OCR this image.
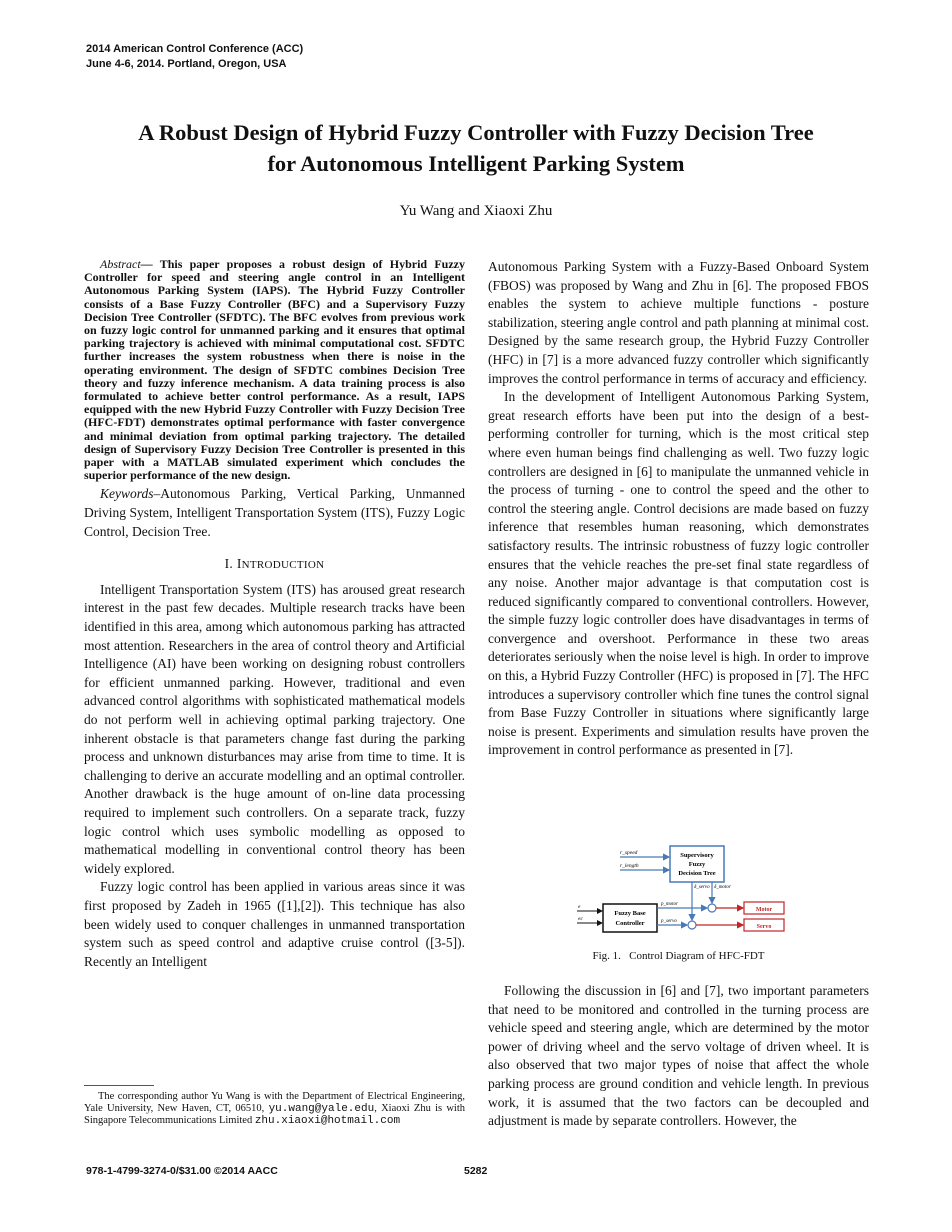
2014 American Control Conference (ACC)
June 4-6, 2014. Portland, Oregon, USA
A Robust Design of Hybrid Fuzzy Controller with Fuzzy Decision Tree
for Autonomous Intelligent Parking System
Yu Wang and Xiaoxi Zhu

Abstract— This paper proposes a robust design of Hybrid Fuzzy Controller for speed and steering angle control in an Intelligent Autonomous Parking System (IAPS). The Hybrid Fuzzy Controller consists of a Base Fuzzy Controller (BFC) and a Supervisory Fuzzy Decision Tree Controller (SFDTC). The BFC evolves from previous work on fuzzy logic control for unmanned parking and it ensures that optimal parking trajectory is achieved with minimal computational cost. SFDTC further increases the system robustness when there is noise in the operating environment. The design of SFDTC combines Decision Tree theory and fuzzy inference mechanism. A data training process is also formulated to achieve better control performance. As a result, IAPS equipped with the new Hybrid Fuzzy Controller with Fuzzy Decision Tree (HFC-FDT) demonstrates optimal performance with faster convergence and minimal deviation from optimal parking trajectory. The detailed design of Supervisory Fuzzy Decision Tree Controller is presented in this paper with a MATLAB simulated experiment which concludes the superior performance of the new design.

Keywords–Autonomous Parking, Vertical Parking, Unmanned Driving System, Intelligent Transportation System (ITS), Fuzzy Logic Control, Decision Tree.

I. INTRODUCTION

Intelligent Transportation System (ITS) has aroused great research interest in the past few decades. Multiple research tracks have been identified in this area, among which autonomous parking has attracted most attention. Researchers in the area of control theory and Artificial Intelligence (AI) have been working on designing robust controllers for efficient unmanned parking. However, traditional and even advanced control algorithms with sophisticated mathematical models do not perform well in achieving optimal parking trajectory. One inherent obstacle is that parameters change fast during the parking process and unknown disturbances may arise from time to time. It is challenging to derive an accurate modelling and an optimal controller. Another drawback is the huge amount of on-line data processing required to implement such controllers. On a separate track, fuzzy logic control which uses symbolic modelling as opposed to mathematical modelling in conventional control theory has been widely explored.

Fuzzy logic control has been applied in various areas since it was first proposed by Zadeh in 1965 ([1],[2]). This technique has also been widely used to conquer challenges in unmanned transportation system such as speed control and adaptive cruise control ([3-5]). Recently an Intelligent

The corresponding author Yu Wang is with the Department of Electrical Engineering, Yale University, New Haven, CT, 06510, yu.wang@yale.edu, Xiaoxi Zhu is with Singapore Telecommunications Limited zhu.xiaoxi@hotmail.com

Autonomous Parking System with a Fuzzy-Based Onboard System (FBOS) was proposed by Wang and Zhu in [6]. The proposed FBOS enables the system to achieve multiple functions - posture stabilization, steering angle control and path planning at minimal cost. Designed by the same research group, the Hybrid Fuzzy Controller (HFC) in [7] is a more advanced fuzzy controller which significantly improves the control performance in terms of accuracy and efficiency.

In the development of Intelligent Autonomous Parking System, great research efforts have been put into the design of a best-performing controller for turning, which is the most critical step where even human beings find challenging as well. Two fuzzy logic controllers are designed in [6] to manipulate the unmanned vehicle in the process of turning - one to control the speed and the other to control the steering angle. Control decisions are made based on fuzzy inference that resembles human reasoning, which demonstrates satisfactory results. The intrinsic robustness of fuzzy logic controller ensures that the vehicle reaches the pre-set final state regardless of any noise. Another major advantage is that computation cost is reduced significantly compared to conventional controllers. However, the simple fuzzy logic controller does have disadvantages in terms of convergence and overshoot. Performance in these two areas deteriorates seriously when the noise level is high. In order to improve on this, a Hybrid Fuzzy Controller (HFC) is proposed in [7]. The HFC introduces a supervisory controller which fine tunes the control signal from Base Fuzzy Controller in situations where significantly large noise is present. Experiments and simulation results have proven the improvement in control performance as presented in [7].

Supervisory
Fuzzy
Decision Tree
r_speed
r_length
Fuzzy Base
Controller
e
ec
δ_servo δ_motor
p_motor
p_servo
Motor
Servo
Fig. 1. Control Diagram of HFC-FDT

Following the discussion in [6] and [7], two important parameters that need to be monitored and controlled in the turning process are vehicle speed and steering angle, which are determined by the motor power of driving wheel and the servo voltage of driven wheel. It is also observed that two major types of noise that affect the whole parking process are ground condition and vehicle length. In previous work, it is assumed that the two factors can be decoupled and adjustment is made by separate controllers. However, the

978-1-4799-3274-0/$31.00 ©2014 AACC	5282
